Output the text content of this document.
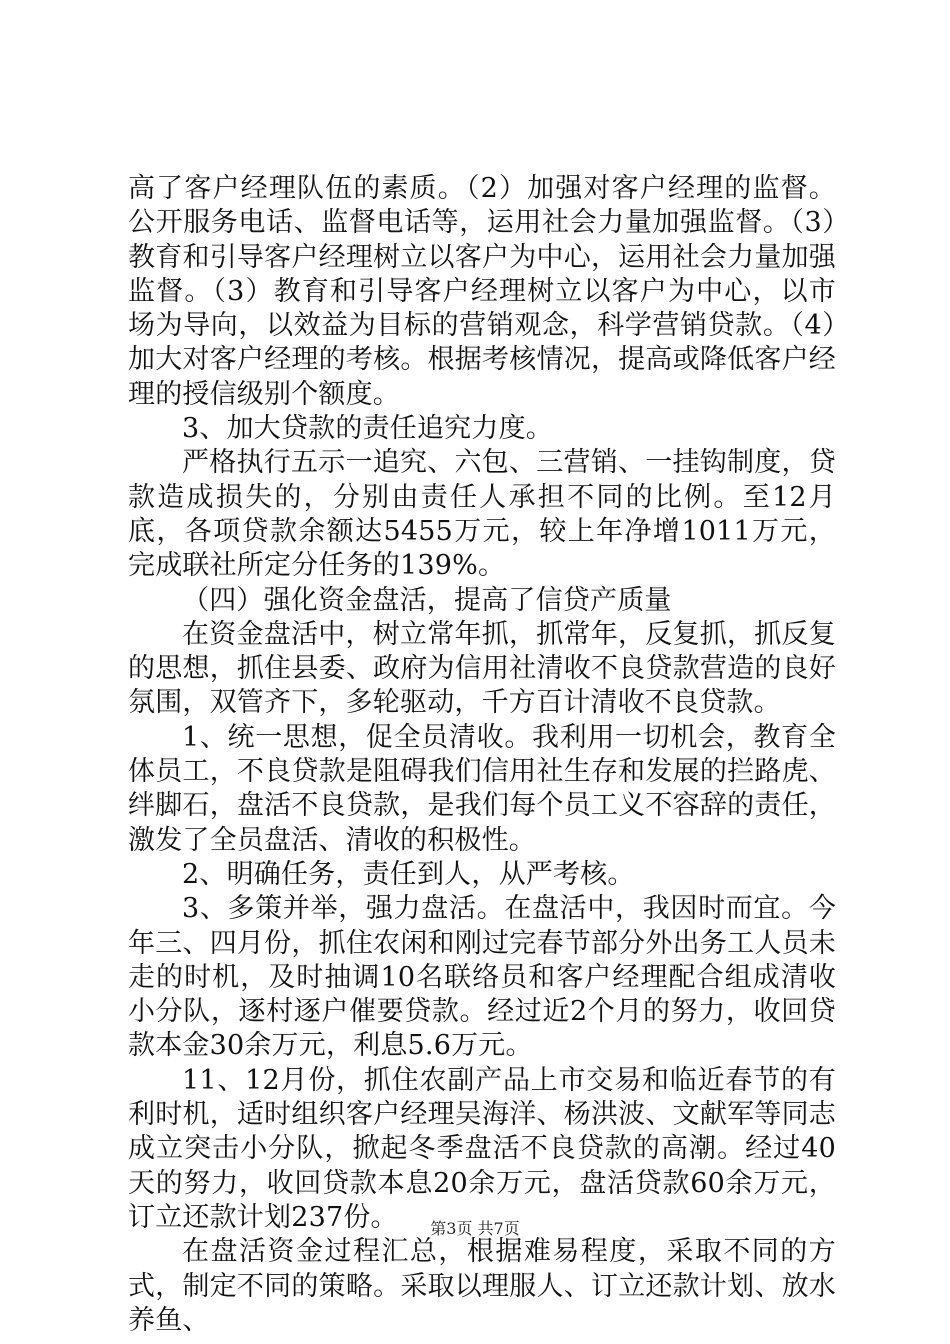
高了客户经理队伍的素质。（2）加强对客户经理的监督。公开服务电话、监督电话等，运用社会力量加强监督。（3）教育和引导客户经理树立以客户为中心，运用社会力量加强监督。（3）教育和引导客户经理树立以客户为中心，以市场为导向，以效益为目标的营销观念，科学营销贷款。（4）加大对客户经理的考核。根据考核情况，提高或降低客户经理的授信级别个额度。

3、加大贷款的责任追究力度。

严格执行五示一追究、六包、三营销、一挂钩制度，贷款造成损失的，分别由责任人承担不同的比例。至12月底，各项贷款余额达5455万元，较上年净增1011万元，完成联社所定分任务的139%。

（四）强化资金盘活，提高了信贷产质量

在资金盘活中，树立常年抓，抓常年，反复抓，抓反复的思想，抓住县委、政府为信用社清收不良贷款营造的良好氛围，双管齐下，多轮驱动，千方百计清收不良贷款。

1、统一思想，促全员清收。我利用一切机会，教育全体员工，不良贷款是阻碍我们信用社生存和发展的拦路虎、绊脚石，盘活不良贷款，是我们每个员工义不容辞的责任，激发了全员盘活、清收的积极性。

2、明确任务，责任到人，从严考核。

3、多策并举，强力盘活。在盘活中，我因时而宜。今年三、四月份，抓住农闲和刚过完春节部分外出务工人员未走的时机，及时抽调10名联络员和客户经理配合组成清收小分队，逐村逐户催要贷款。经过近2个月的努力，收回贷款本金30余万元，利息5.6万元。

11、12月份，抓住农副产品上市交易和临近春节的有利时机，适时组织客户经理吴海洋、杨洪波、文献军等同志成立突击小分队，掀起冬季盘活不良贷款的高潮。经过40天的努力，收回贷款本息20余万元，盘活贷款60余万元，订立还款计划237份。

在盘活资金过程汇总，根据难易程度，采取不同的方式，制定不同的策略。采取以理服人、订立还款计划、放水养鱼、

第3页 共7页
